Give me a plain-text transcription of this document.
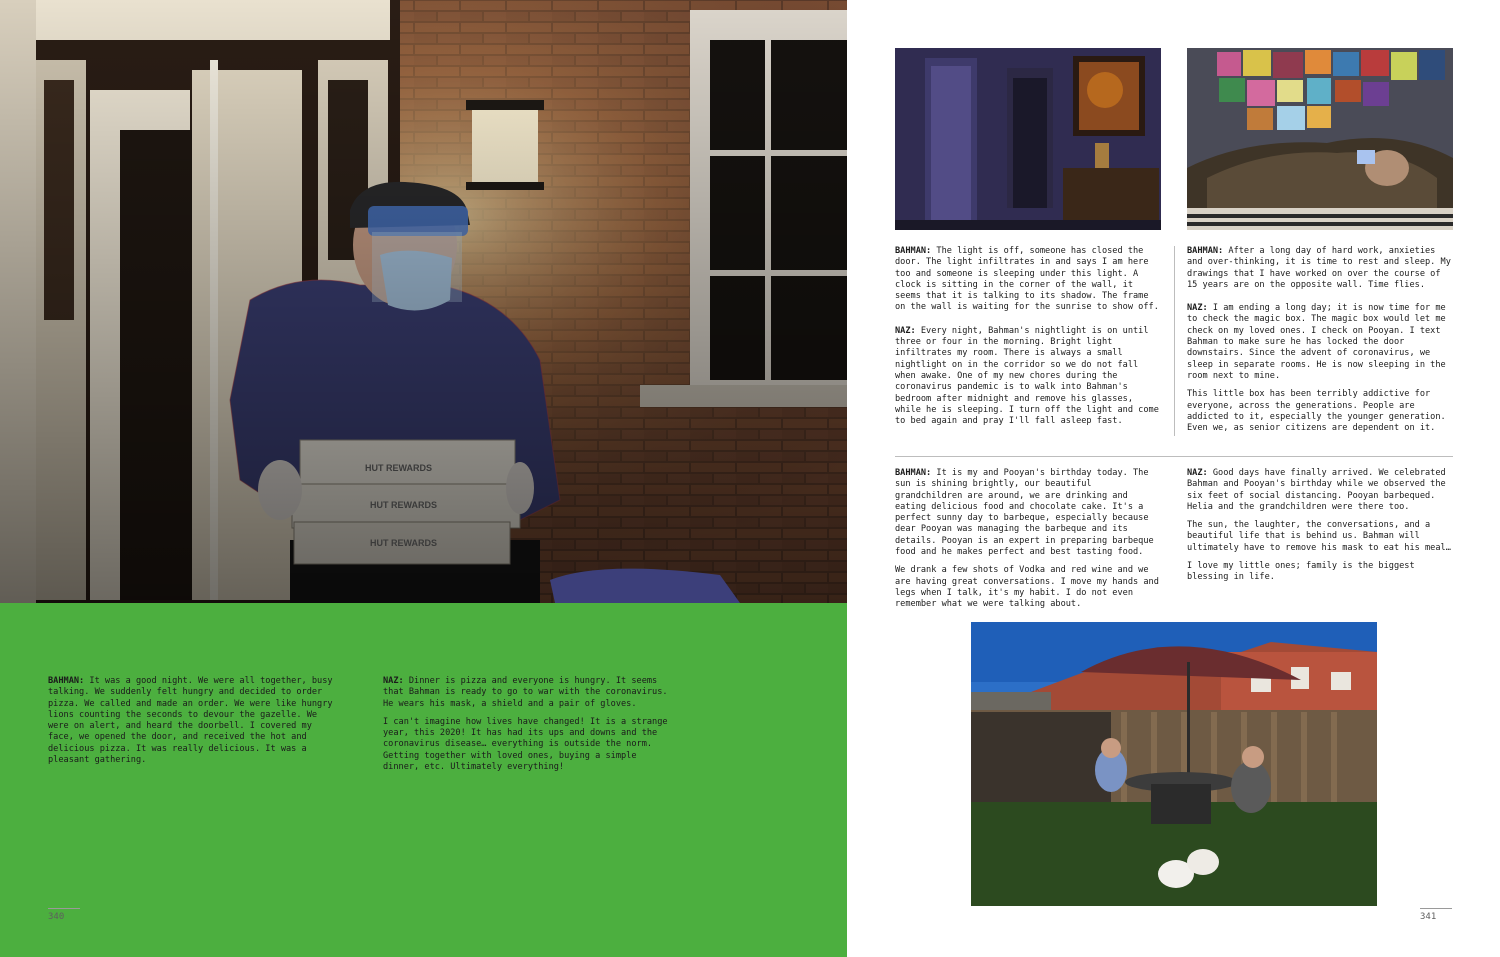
HUT REWARDS
HUT REWARDS
HUT REWARDS

BAHMAN: It was a good night. We were all together, busy talking. We suddenly felt hungry and decided to order pizza. We called and made an order. We were like hungry lions counting the seconds to devour the gazelle. We were on alert, and heard the doorbell. I covered my face, we opened the door, and received the hot and delicious pizza. It was really delicious. It was a pleasant gathering.

NAZ: Dinner is pizza and everyone is hungry. It seems that Bahman is ready to go to war with the coronavirus. He wears his mask, a shield and a pair of gloves.

I can't imagine how lives have changed! It is a strange year, this 2020! It has had its ups and downs and the coronavirus disease… everything is outside the norm. Getting together with loved ones, buying a simple dinner, etc. Ultimately everything!

340

BAHMAN: The light is off, someone has closed the door. The light infiltrates in and says I am here too and someone is sleeping under this light. A clock is sitting in the corner of the wall, it seems that it is talking to its shadow. The frame on the wall is waiting for the sunrise to show off.

NAZ: Every night, Bahman's nightlight is on until three or four in the morning. Bright light infiltrates my room. There is always a small nightlight on in the corridor so we do not fall when awake. One of my new chores during the coronavirus pandemic is to walk into Bahman's bedroom after midnight and remove his glasses, while he is sleeping. I turn off the light and come to bed again and pray I'll fall asleep fast.

BAHMAN: After a long day of hard work, anxieties and over-thinking, it is time to rest and sleep. My drawings that I have worked on over the course of 15 years are on the opposite wall. Time flies.

NAZ: I am ending a long day; it is now time for me to check the magic box. The magic box would let me check on my loved ones. I check on Pooyan. I text Bahman to make sure he has locked the door downstairs. Since the advent of coronavirus, we sleep in separate rooms. He is now sleeping in the room next to mine.

This little box has been terribly addictive for everyone, across the generations. People are addicted to it, especially the younger generation. Even we, as senior citizens are dependent on it.

BAHMAN: It is my and Pooyan's birthday today. The sun is shining brightly, our beautiful grandchildren are around, we are drinking and eating delicious food and chocolate cake. It's a perfect sunny day to barbeque, especially because dear Pooyan was managing the barbeque and its details. Pooyan is an expert in preparing barbeque food and he makes perfect and best tasting food.

We drank a few shots of Vodka and red wine and we are having great conversations. I move my hands and legs when I talk, it's my habit. I do not even remember what we were talking about.

NAZ: Good days have finally arrived. We celebrated Bahman and Pooyan's birthday while we observed the six feet of social distancing. Pooyan barbequed. Helia and the grandchildren were there too.

The sun, the laughter, the conversations, and a beautiful life that is behind us. Bahman will ultimately have to remove his mask to eat his meal…

I love my little ones; family is the biggest blessing in life.

341
